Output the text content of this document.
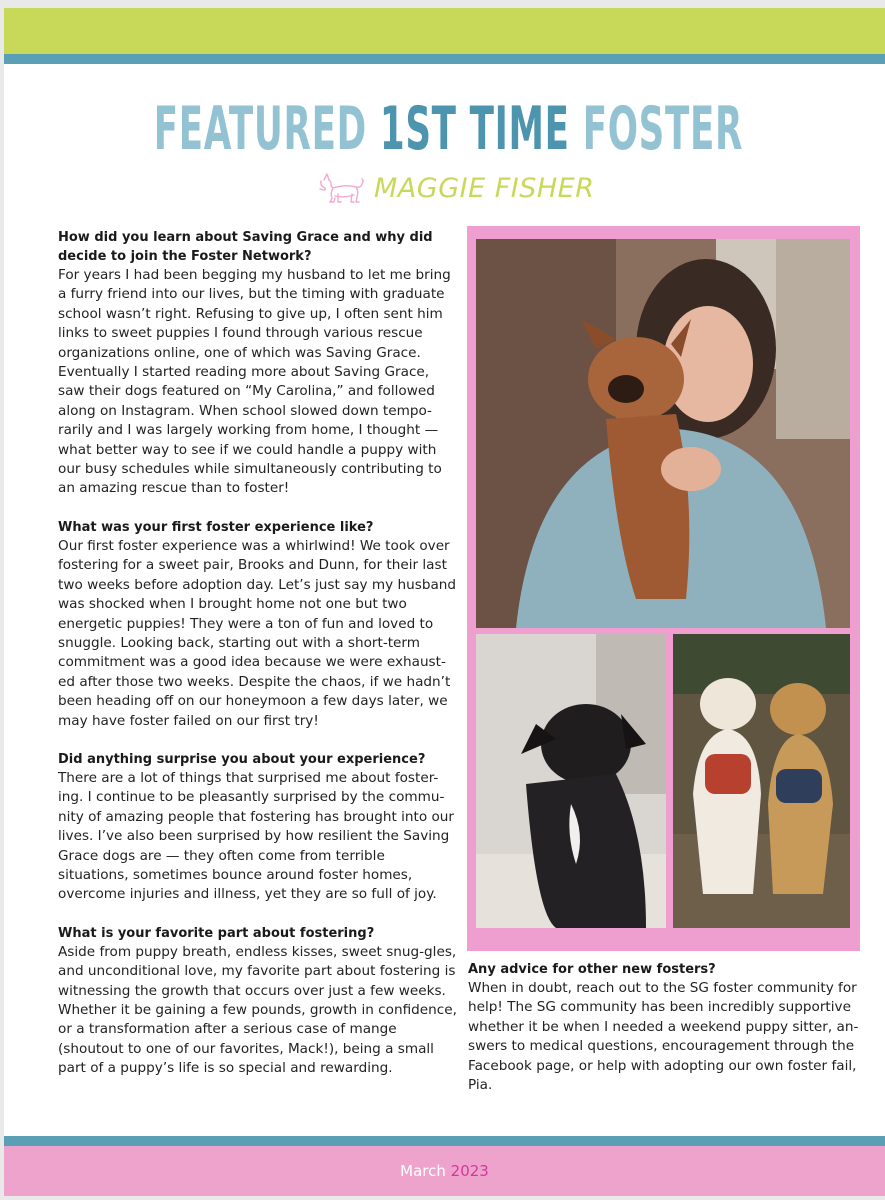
FEATURED 1ST TIME FOSTER
MAGGIE FISHER

How did you learn about Saving Grace and why did decide to join the Foster Network?

For years I had been begging my husband to let me bring a furry friend into our lives, but the timing with graduate school wasn’t right. Refusing to give up, I often sent him links to sweet puppies I found through various rescue organizations online, one of which was Saving Grace. Eventually I started reading more about Saving Grace, saw their dogs featured on “My Carolina,” and followed along on Instagram. When school slowed down tempo-rarily and I was largely working from home, I thought — what better way to see if we could handle a puppy with our busy schedules while simultaneously contributing to an amazing rescue than to foster!

What was your first foster experience like?

Our first foster experience was a whirlwind! We took over fostering for a sweet pair, Brooks and Dunn, for their last two weeks before adoption day. Let’s just say my husband was shocked when I brought home not one but two energetic puppies! They were a ton of fun and loved to snuggle. Looking back, starting out with a short-term commitment was a good idea because we were exhaust-ed after those two weeks. Despite the chaos, if we hadn’t been heading off on our honeymoon a few days later, we may have foster failed on our first try!

Did anything surprise you about your experience?

There are a lot of things that surprised me about foster-ing. I continue to be pleasantly surprised by the commu-nity of amazing people that fostering has brought into our lives. I’ve also been surprised by how resilient the Saving Grace dogs are — they often come from terrible situations, sometimes bounce around foster homes, overcome injuries and illness, yet they are so full of joy.

What is your favorite part about fostering?

Aside from puppy breath, endless kisses, sweet snug-gles, and unconditional love, my favorite part about fostering is witnessing the growth that occurs over just a few weeks. Whether it be gaining a few pounds, growth in confidence, or a transformation after a serious case of mange (shoutout to one of our favorites, Mack!), being a small part of a puppy’s life is so special and rewarding.

Any advice for other new fosters?

When in doubt, reach out to the SG foster community for help! The SG community has been incredibly supportive whether it be when I needed a weekend puppy sitter, an-swers to medical questions, encouragement through the Facebook page, or help with adopting our own foster fail, Pia.

March 2023
